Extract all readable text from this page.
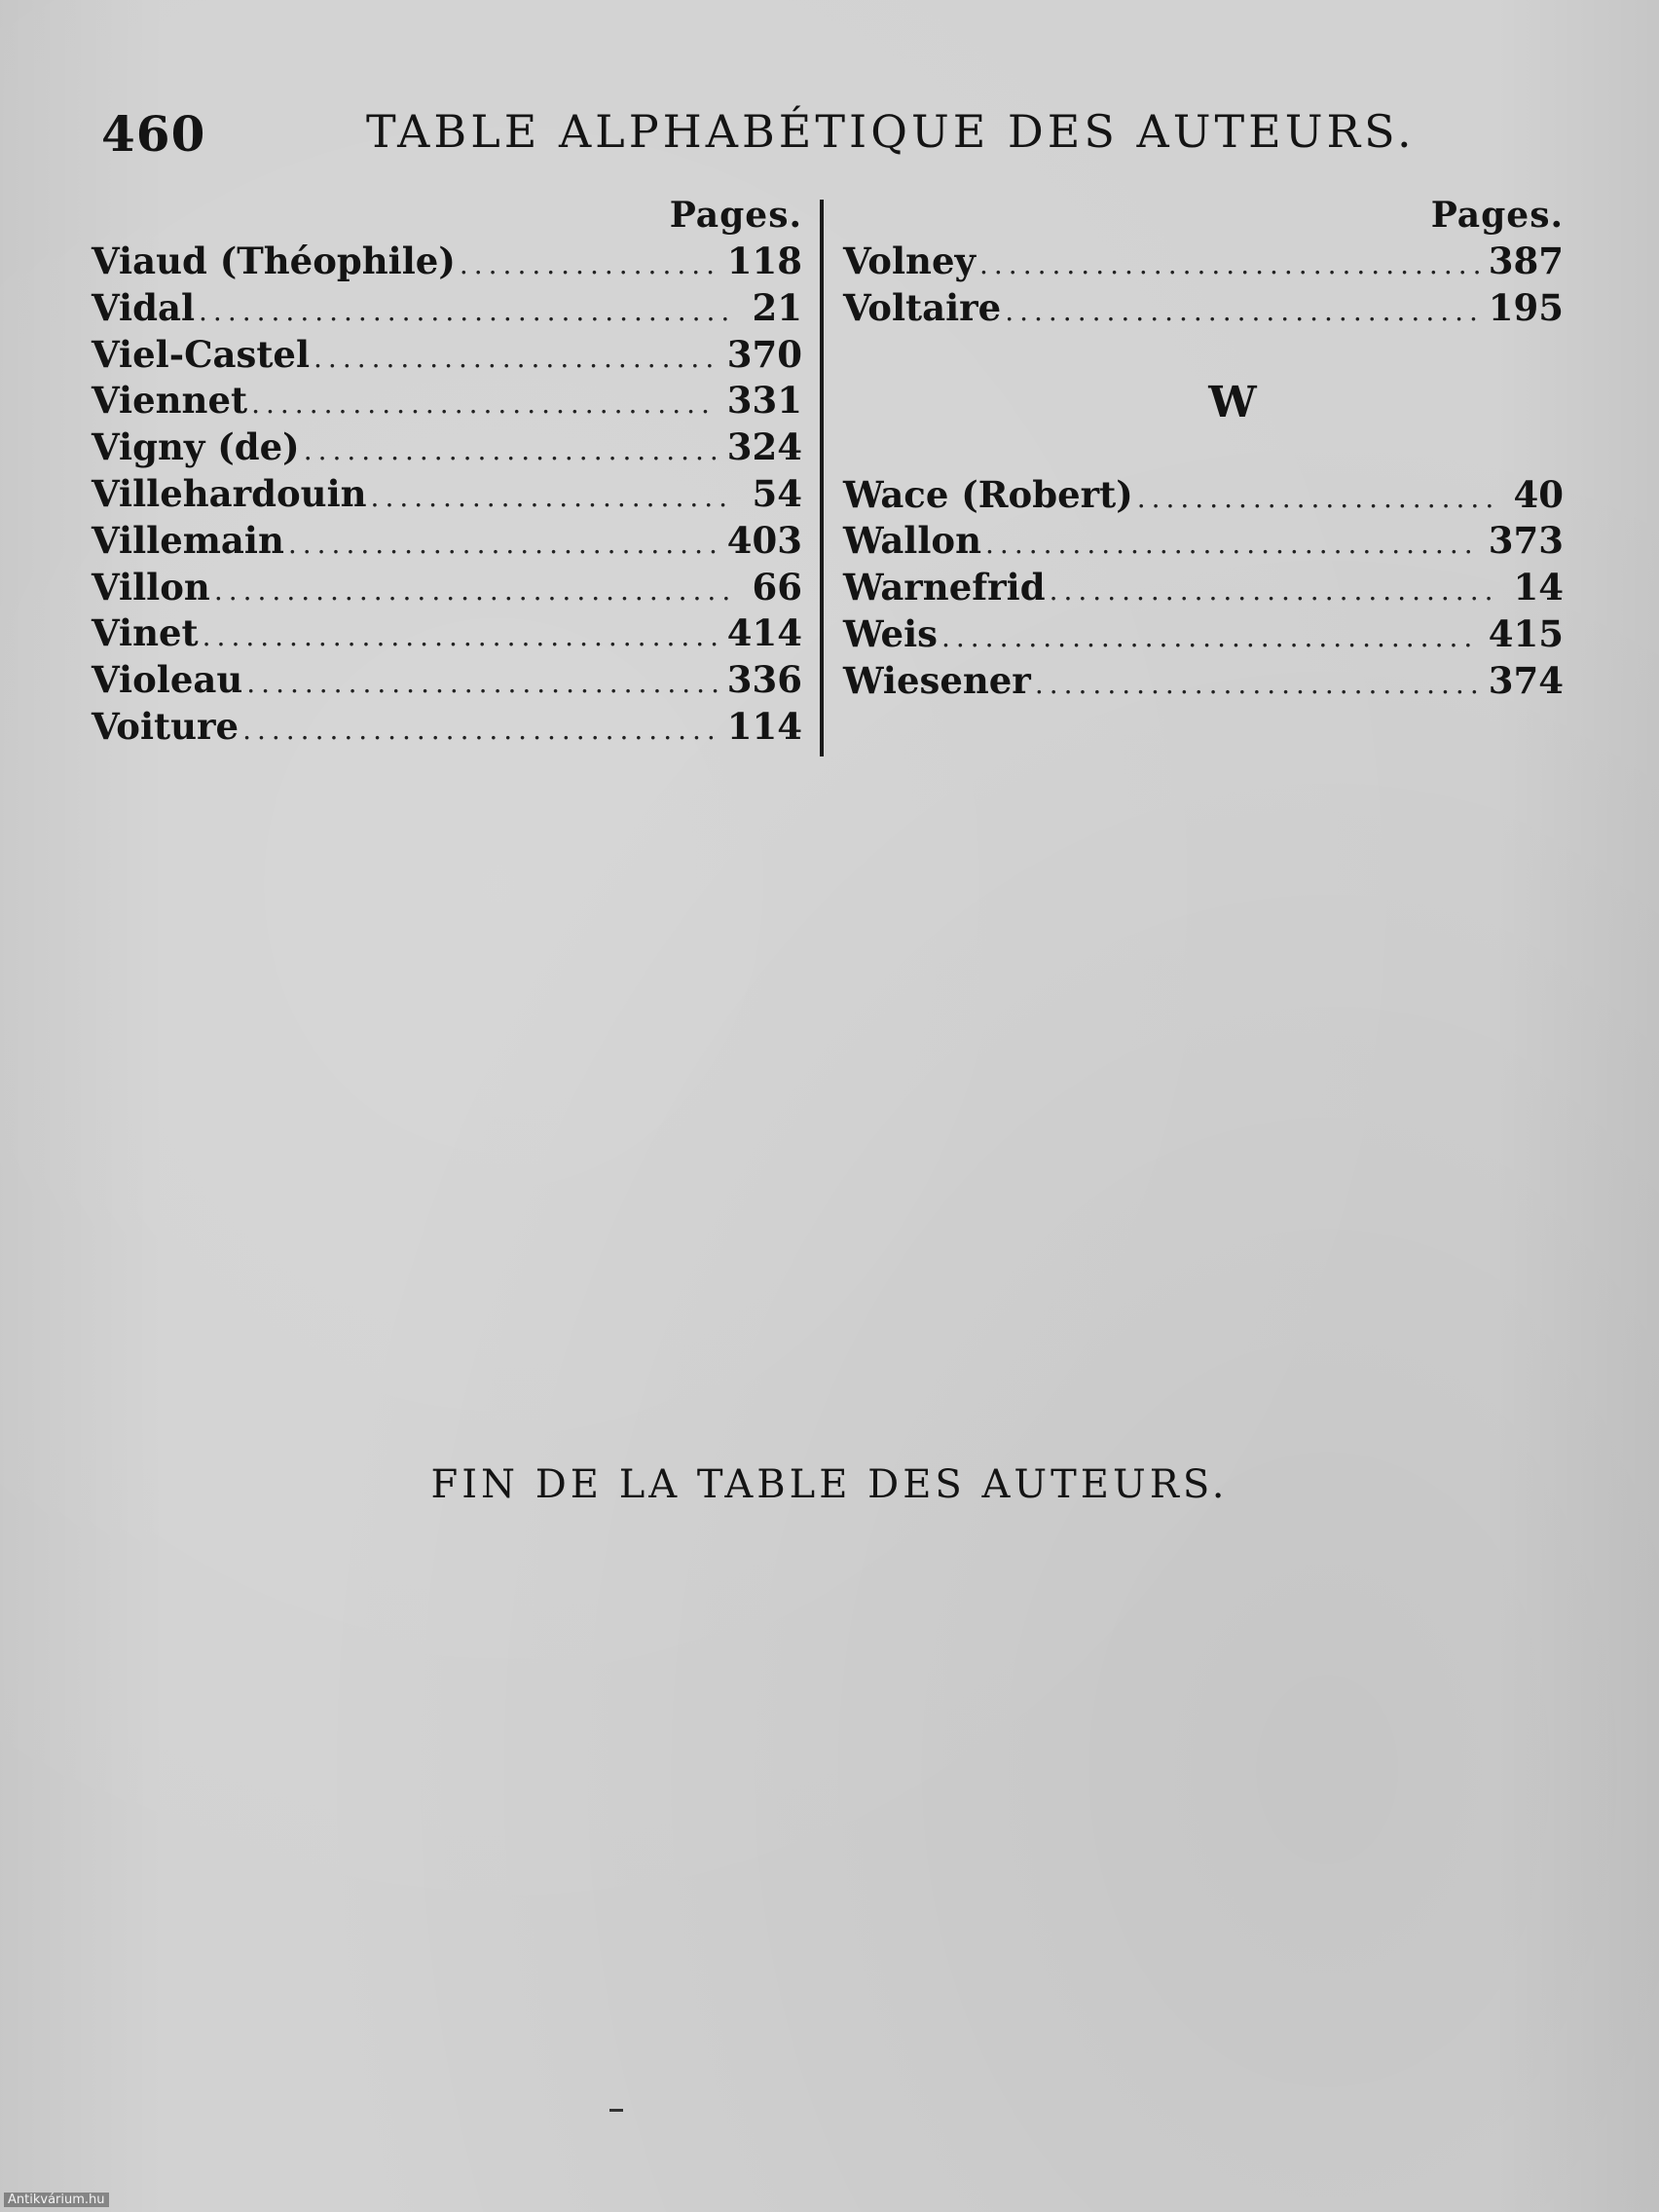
460	TABLE ALPHABÉTIQUE DES AUTEURS.
Pages.
Viaud (Théophile) .....	118
Vidal .....	21
Viel-Castel .....	370
Viennet .....	331
Vigny (de) .....	324
Villehardouin .....	54
Villemain .....	403
Villon .....	66
Vinet .....	414
Violeau .....	336
Voiture .....	114
Pages.
Volney .....	387
Voltaire .....	195
W
Wace (Robert) .....	40
Wallon .....	373
Warnefrid .....	14
Weis .....	415
Wiesener .....	374
FIN DE LA TABLE DES AUTEURS.
Antikvárium.hu
